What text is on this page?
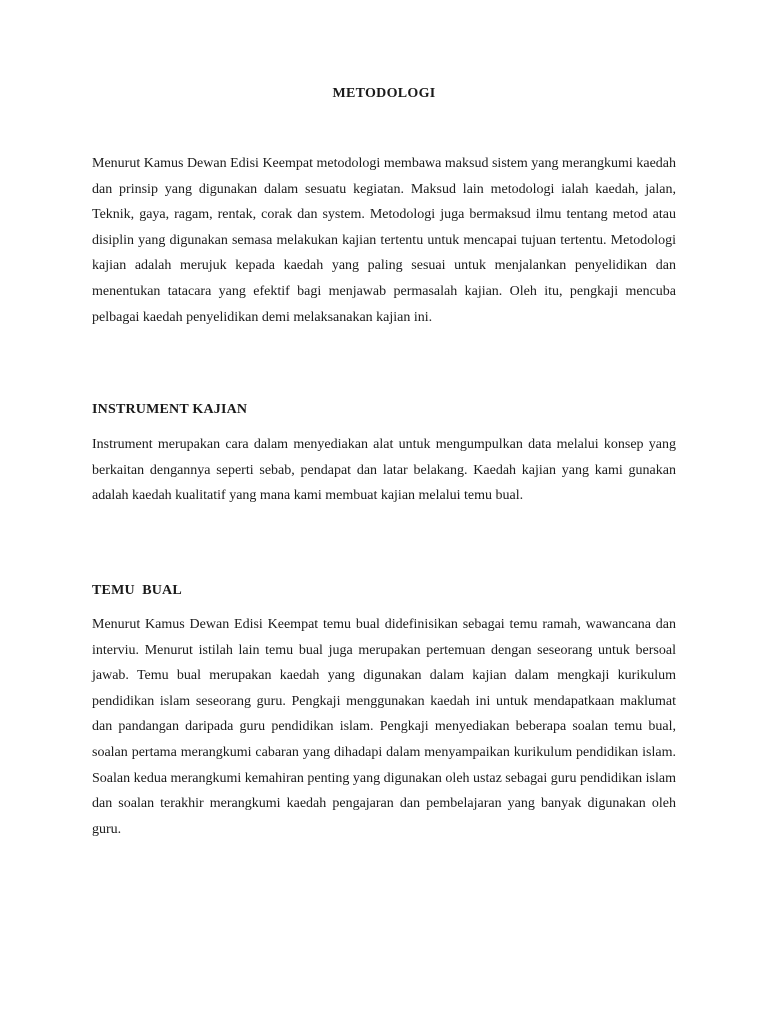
METODOLOGI

Menurut Kamus Dewan Edisi Keempat metodologi membawa maksud sistem yang merangkumi kaedah dan prinsip yang digunakan dalam sesuatu kegiatan. Maksud lain metodologi ialah kaedah, jalan, Teknik, gaya, ragam, rentak, corak dan system. Metodologi juga bermaksud ilmu tentang metod atau disiplin yang digunakan semasa melakukan kajian tertentu untuk mencapai tujuan tertentu. Metodologi kajian adalah merujuk kepada kaedah yang paling sesuai untuk menjalankan penyelidikan dan menentukan tatacara yang efektif bagi menjawab permasalah kajian. Oleh itu, pengkaji mencuba pelbagai kaedah penyelidikan demi melaksanakan kajian ini.

INSTRUMENT KAJIAN

Instrument merupakan cara dalam menyediakan alat untuk mengumpulkan data melalui konsep yang berkaitan dengannya seperti sebab, pendapat dan latar belakang. Kaedah kajian yang kami gunakan adalah kaedah kualitatif yang mana kami membuat kajian melalui temu bual.

TEMU  BUAL

Menurut Kamus Dewan Edisi Keempat temu bual didefinisikan sebagai temu ramah, wawancana dan interviu. Menurut istilah lain temu bual juga merupakan pertemuan dengan seseorang untuk bersoal jawab. Temu bual merupakan kaedah yang digunakan dalam kajian dalam mengkaji kurikulum pendidikan islam seseorang guru. Pengkaji menggunakan kaedah ini untuk mendapatkaan maklumat dan pandangan daripada guru pendidikan islam. Pengkaji menyediakan beberapa soalan temu bual, soalan pertama merangkumi cabaran yang dihadapi dalam menyampaikan kurikulum pendidikan islam. Soalan kedua merangkumi kemahiran penting yang digunakan oleh ustaz sebagai guru pendidikan islam dan soalan terakhir merangkumi kaedah pengajaran dan pembelajaran yang banyak digunakan oleh guru.
